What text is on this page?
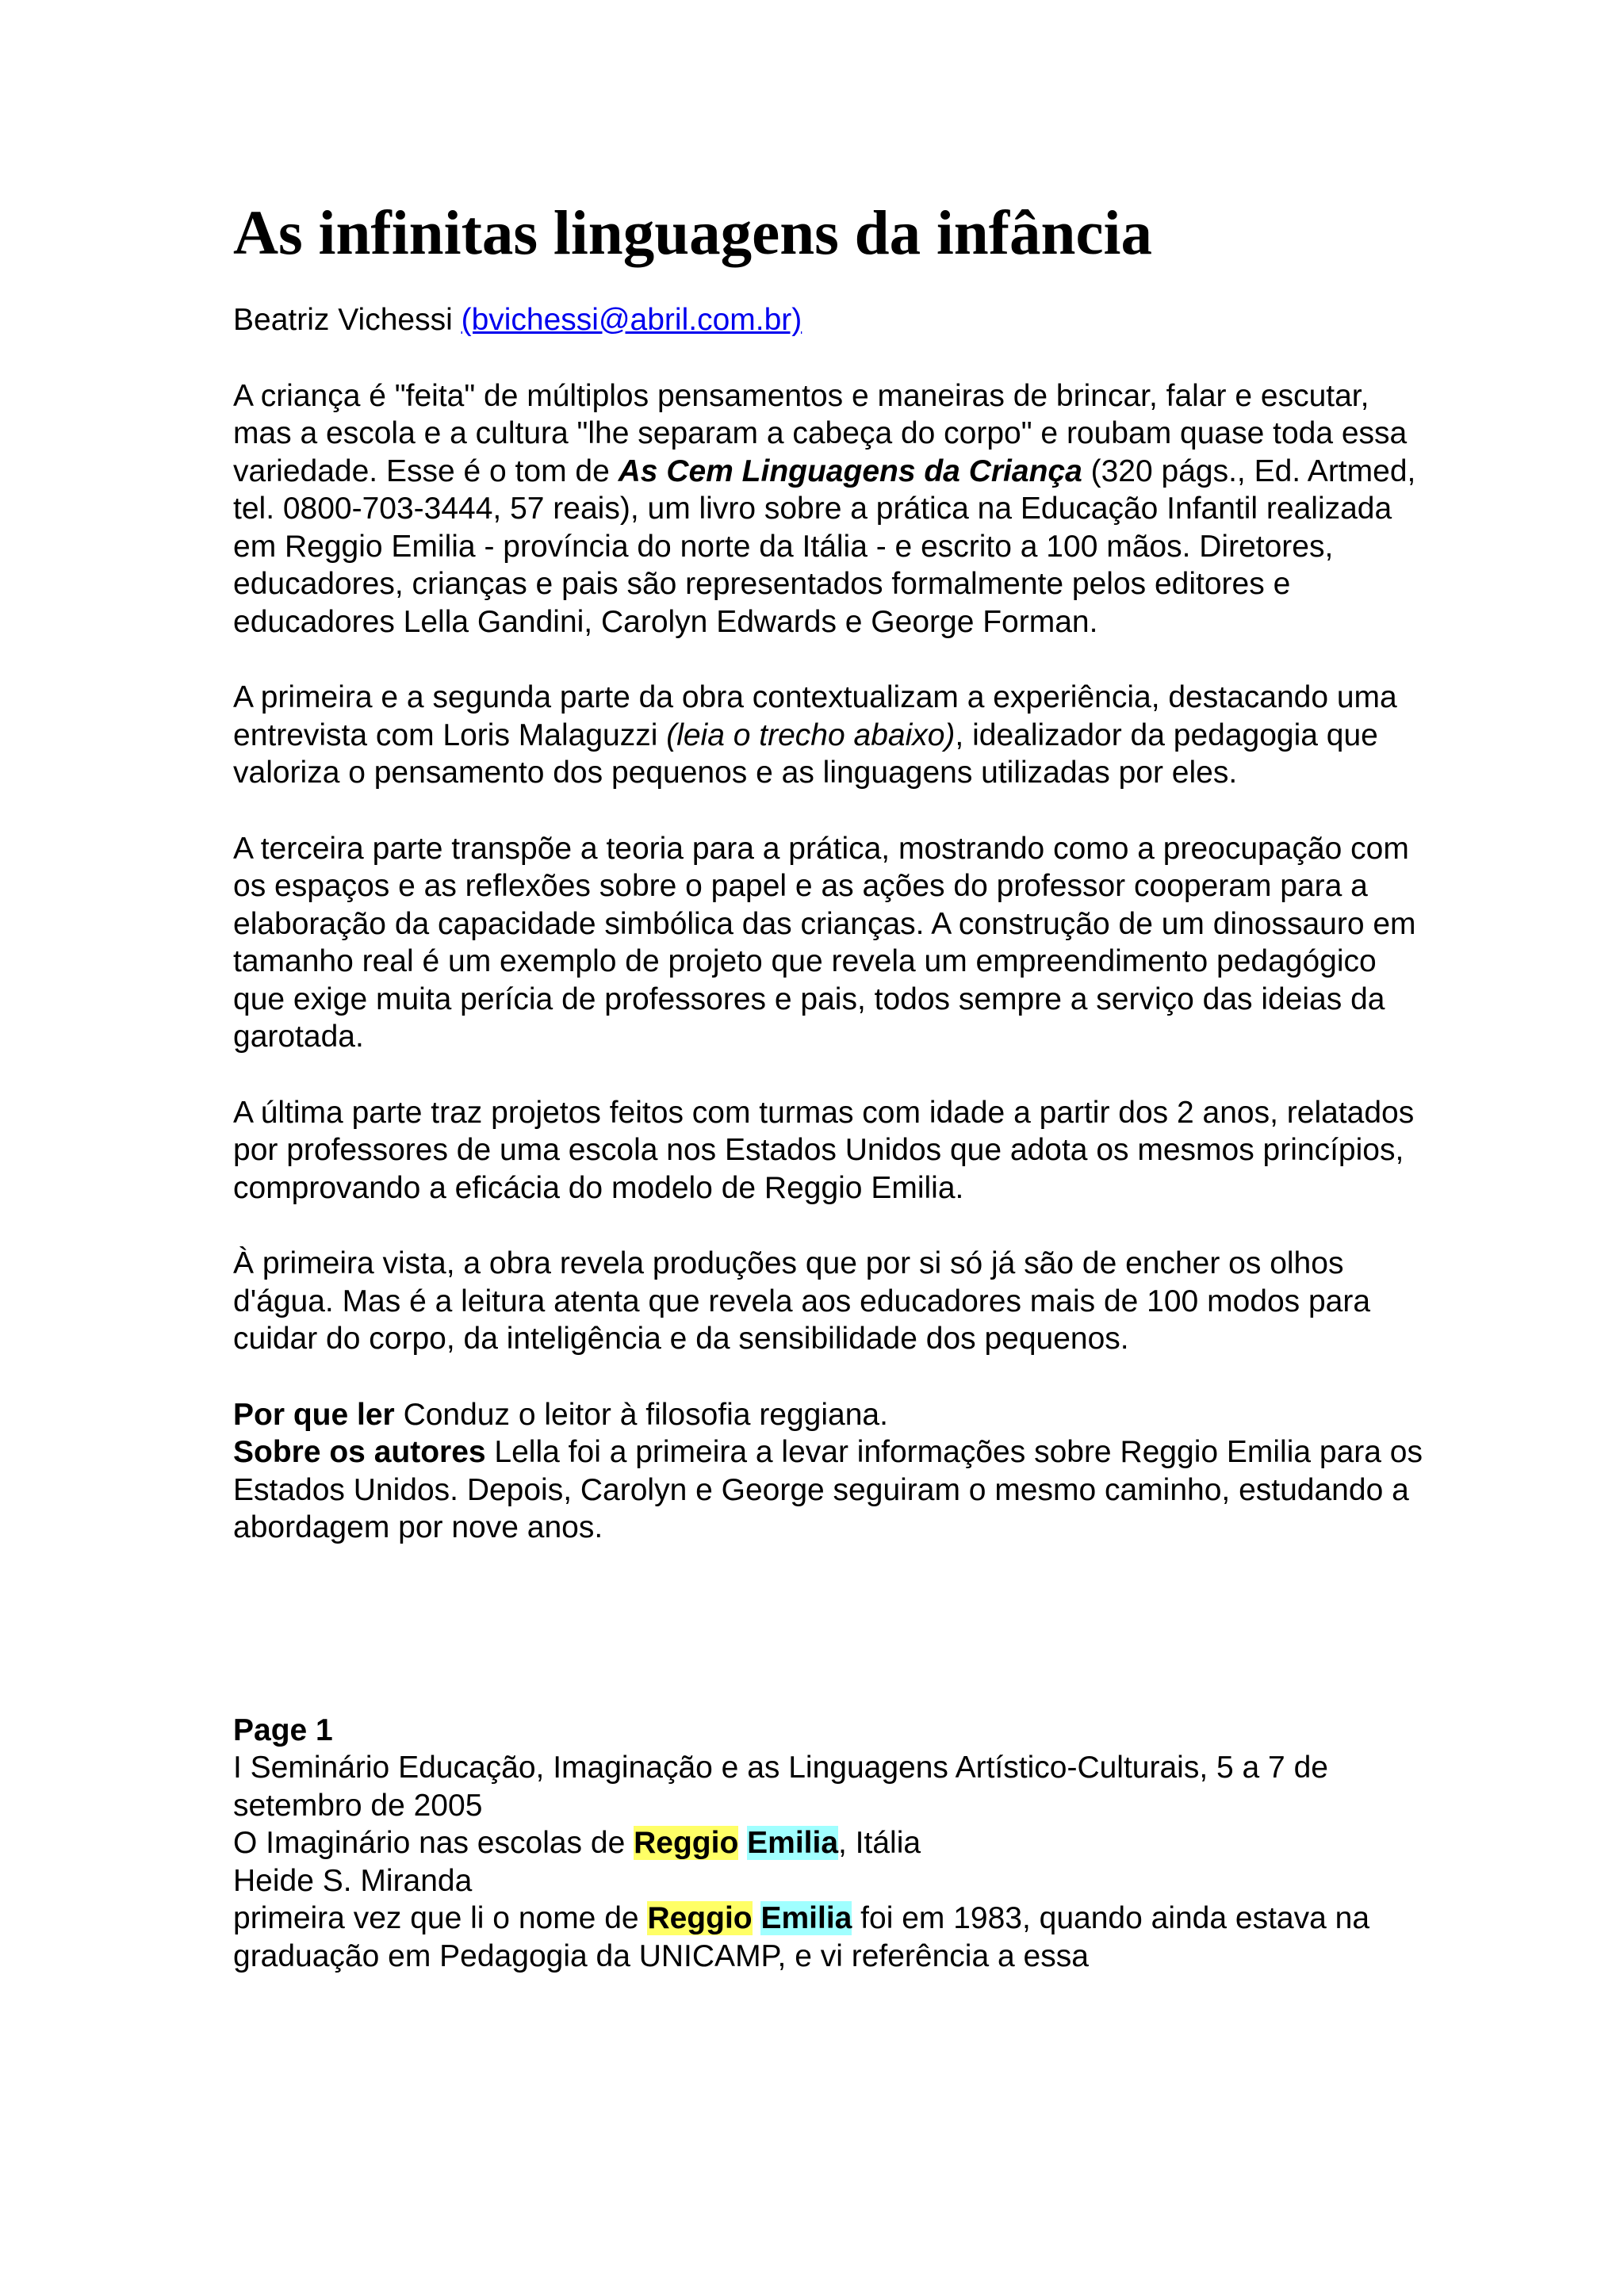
As infinitas linguagens da infância
Beatriz Vichessi (bvichessi@abril.com.br)

A criança é "feita" de múltiplos pensamentos e maneiras de brincar, falar e escutar, mas a escola e a cultura "lhe separam a cabeça do corpo" e roubam quase toda essa variedade. Esse é o tom de As Cem Linguagens da Criança (320 págs., Ed. Artmed, tel. 0800-703-3444, 57 reais), um livro sobre a prática na Educação Infantil realizada em Reggio Emilia - província do norte da Itália - e escrito a 100 mãos. Diretores, educadores, crianças e pais são representados formalmente pelos editores e educadores Lella Gandini, Carolyn Edwards e George Forman.

A primeira e a segunda parte da obra contextualizam a experiência, destacando uma entrevista com Loris Malaguzzi (leia o trecho abaixo), idealizador da pedagogia que valoriza o pensamento dos pequenos e as linguagens utilizadas por eles.

A terceira parte transpõe a teoria para a prática, mostrando como a preocupação com os espaços e as reflexões sobre o papel e as ações do professor cooperam para a elaboração da capacidade simbólica das crianças. A construção de um dinossauro em tamanho real é um exemplo de projeto que revela um empreendimento pedagógico que exige muita perícia de professores e pais, todos sempre a serviço das ideias da garotada.

A última parte traz projetos feitos com turmas com idade a partir dos 2 anos, relatados por professores de uma escola nos Estados Unidos que adota os mesmos princípios, comprovando a eficácia do modelo de Reggio Emilia.

À primeira vista, a obra revela produções que por si só já são de encher os olhos d'água. Mas é a leitura atenta que revela aos educadores mais de 100 modos para cuidar do corpo, da inteligência e da sensibilidade dos pequenos.

Por que ler Conduz o leitor à filosofia reggiana.

Sobre os autores Lella foi a primeira a levar informações sobre Reggio Emilia para os Estados Unidos. Depois, Carolyn e George seguiram o mesmo caminho, estudando a abordagem por nove anos.

Page 1

I Seminário Educação, Imaginação e as Linguagens Artístico-Culturais, 5 a 7 de setembro de 2005

O Imaginário nas escolas de Reggio Emilia, Itália

Heide S. Miranda

primeira vez que li o nome de Reggio Emilia foi em 1983, quando ainda estava na graduação em Pedagogia da UNICAMP, e vi referência a essa
